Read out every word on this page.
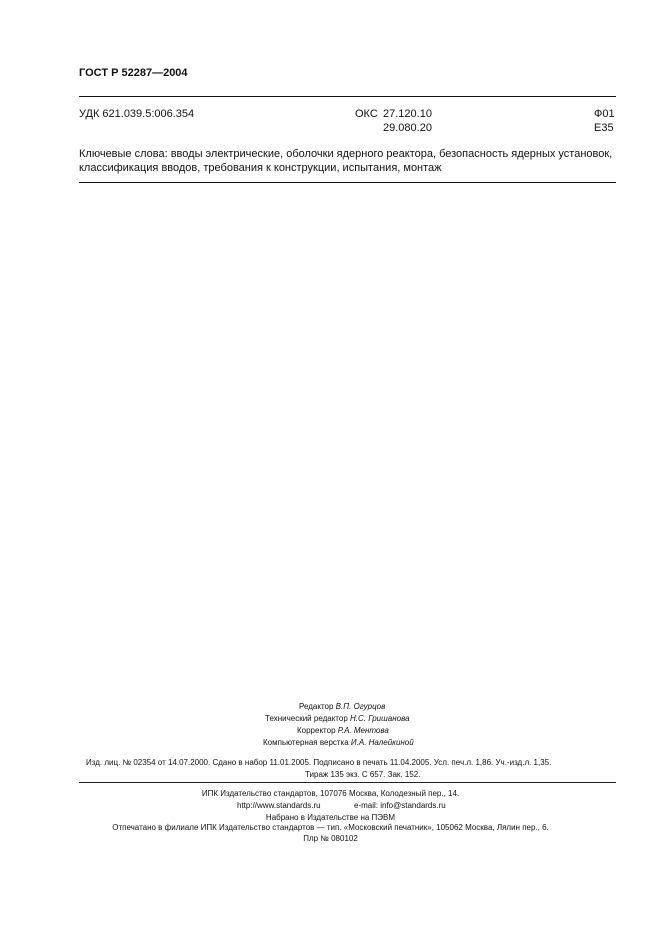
ГОСТ Р 52287—2004
УДК 621.039.5:006.354	ОКС 27.120.10
29.080.20
Ф01
Е35
Ключевые слова: вводы электрические, оболочки ядерного реактора, безопасность ядерных установок,
классификация вводов, требования к конструкции, испытания, монтаж
Редактор В.П. Огурцов
Технический редактор Н.С. Гришанова
Корректор Р.А. Ментова
Компьютерная верстка И.А. Налейкиной
Изд. лиц. № 02354 от 14.07.2000. Сдано в набор 11.01.2005. Подписано в печать 11.04.2005. Усл. печ.л. 1,86. Уч.-изд.л. 1,35.
Тираж 135 экз. С 657. Зак. 152.
ИПК Издательство стандартов, 107076 Москва, Колодезный пер., 14.
http://www.standards.ru	e-mail: info@standards.ru
Набрано в Издательстве на ПЭВМ
Отпечатано в филиале ИПК Издательство стандартов — тип. «Московский печатник», 105062 Москва, Лялин пер., 6.
Плр № 080102
